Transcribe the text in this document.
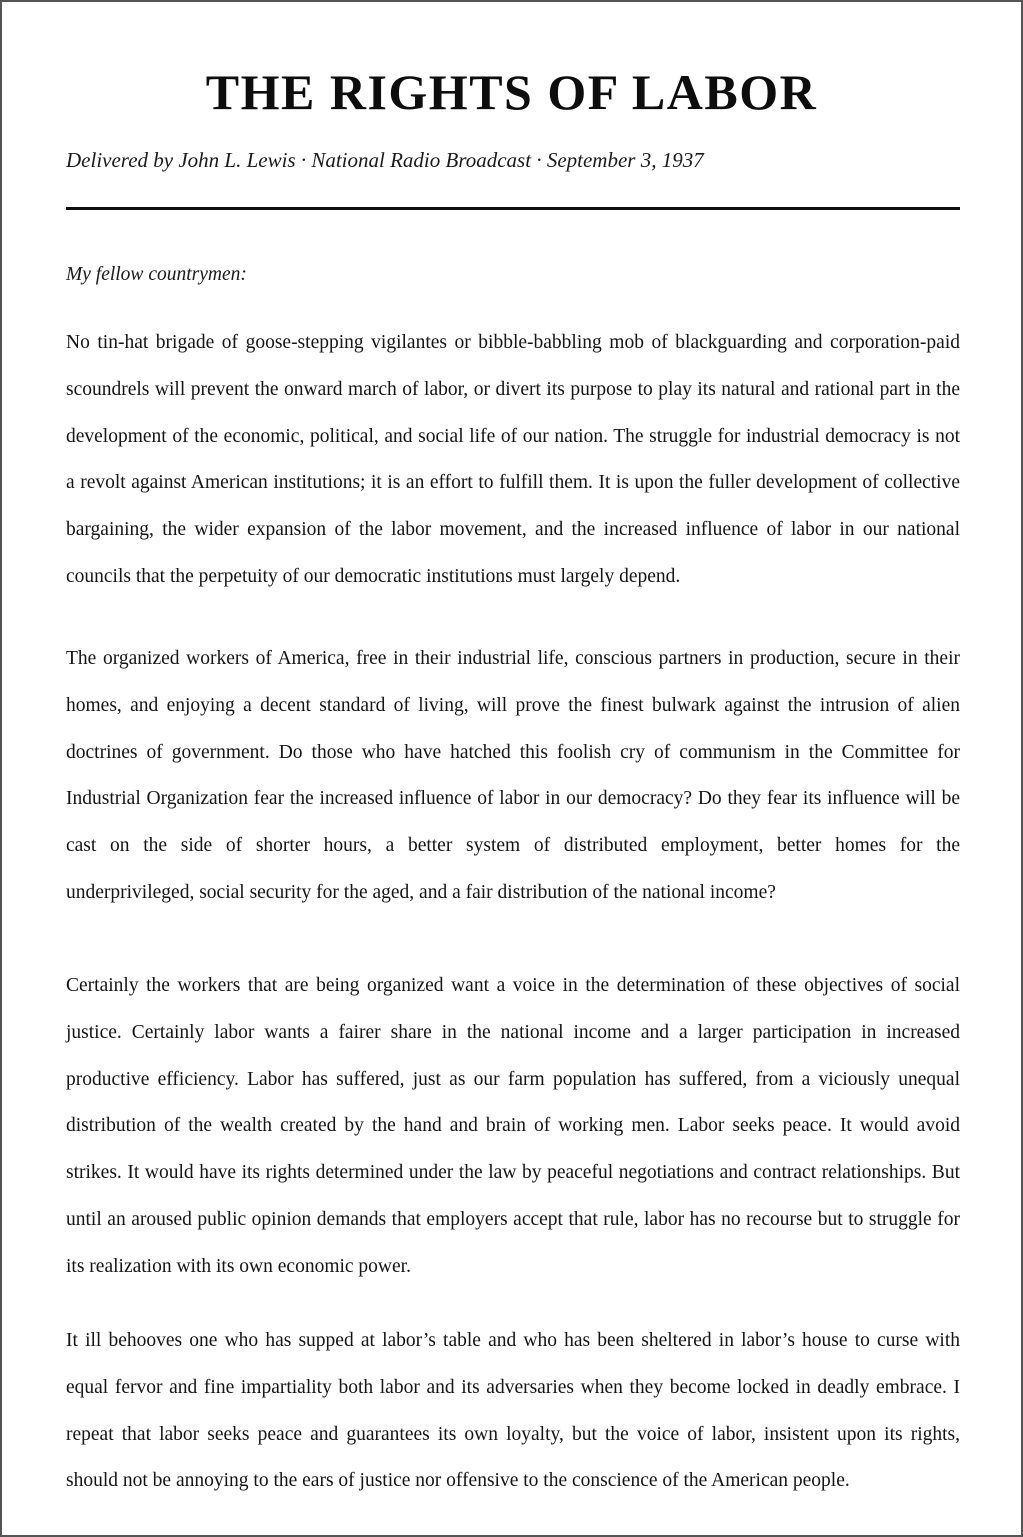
THE RIGHTS OF LABOR

Delivered by John L. Lewis · National Radio Broadcast · September 3, 1937

My fellow countrymen:

No tin-hat brigade of goose-stepping vigilantes or bibble-babbling mob of blackguarding and corporation-paid
scoundrels will prevent the onward march of labor, or divert its purpose to play its natural and rational part in the
development of the economic, political, and social life of our nation. The struggle for industrial democracy is not
a revolt against American institutions; it is an effort to fulfill them. It is upon the fuller development of collective
bargaining, the wider expansion of the labor movement, and the increased influence of labor in our national
councils that the perpetuity of our democratic institutions must largely depend.
The organized workers of America, free in their industrial life, conscious partners in production, secure in their
homes, and enjoying a decent standard of living, will prove the finest bulwark against the intrusion of alien
doctrines of government. Do those who have hatched this foolish cry of communism in the Committee for
Industrial Organization fear the increased influence of labor in our democracy? Do they fear its influence will be
cast on the side of shorter hours, a better system of distributed employment, better homes for the
underprivileged, social security for the aged, and a fair distribution of the national income?
Certainly the workers that are being organized want a voice in the determination of these objectives of social
justice. Certainly labor wants a fairer share in the national income and a larger participation in increased
productive efficiency. Labor has suffered, just as our farm population has suffered, from a viciously unequal
distribution of the wealth created by the hand and brain of working men. Labor seeks peace. It would avoid
strikes. It would have its rights determined under the law by peaceful negotiations and contract relationships. But
until an aroused public opinion demands that employers accept that rule, labor has no recourse but to struggle for
its realization with its own economic power.
It ill behooves one who has supped at labor’s table and who has been sheltered in labor’s house to curse with
equal fervor and fine impartiality both labor and its adversaries when they become locked in deadly embrace. I
repeat that labor seeks peace and guarantees its own loyalty, but the voice of labor, insistent upon its rights,
should not be annoying to the ears of justice nor offensive to the conscience of the American people.
